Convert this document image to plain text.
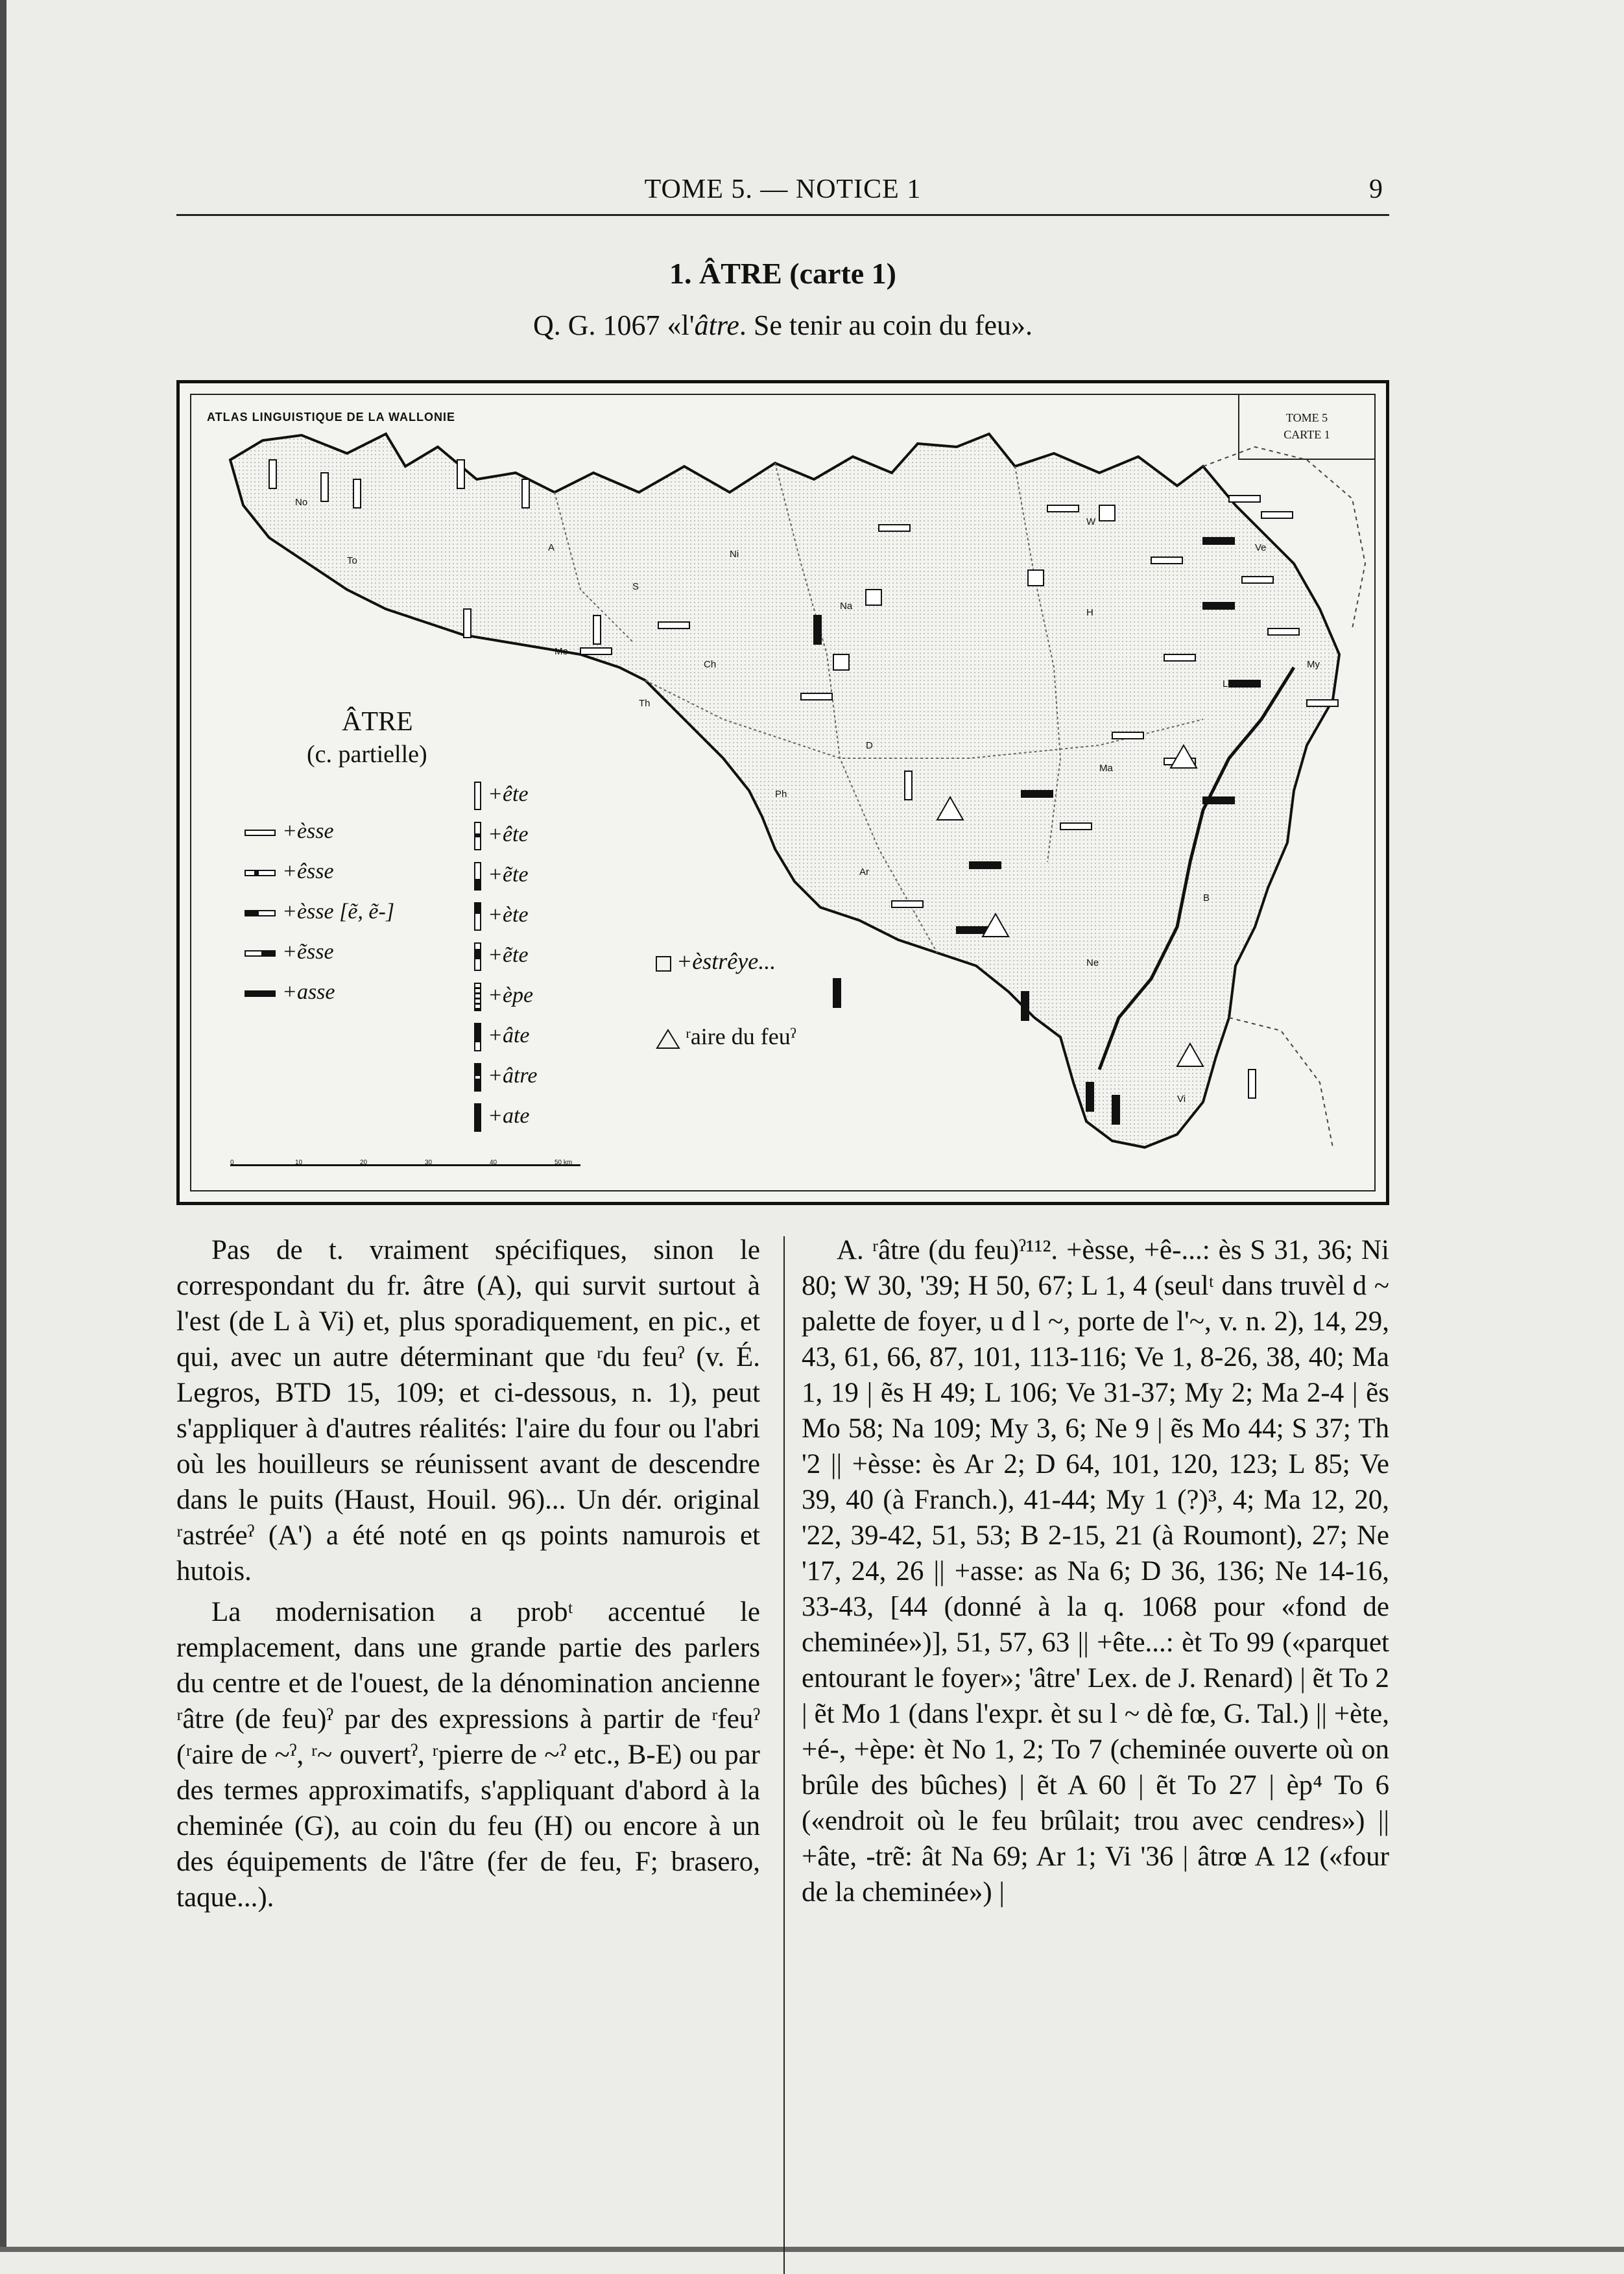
TOME 5. — NOTICE 1	9
1. ÂTRE (carte 1)
Q. G. 1067 «l'âtre. Se tenir au coin du feu».
ATLAS LINGUISTIQUE DE LA WALLONIE	TOME 5
CARTE 1
No
To
A
S
Ni
W
Ve
H
Mo
Na
L
My
Ch
Th
D
Ph
Ma
Ar
B
Ne
Vi
ÂTRE
(c. partielle)
+èsse
+êsse
+èsse [ẽ, ẽ-]
+ẽsse
+asse
+ête
+ête
+ẽte
+ète
+ẽte
+èpe
+âte
+âtre
+ate
+èstrêye...
ʳaire du feuˀ
0	10	20	30	40	50 km

Pas de t. vraiment spécifiques, sinon le correspondant du fr. âtre (A), qui survit surtout à l'est (de L à Vi) et, plus sporadiquement, en pic., et qui, avec un autre déterminant que ʳdu feuˀ (v. É. Legros, BTD 15, 109; et ci-dessous, n. 1), peut s'appliquer à d'autres réalités: l'aire du four ou l'abri où les houilleurs se réunissent avant de descendre dans le puits (Haust, Houil. 96)... Un dér. original ʳastréeˀ (A') a été noté en qs points namurois et hutois.

La modernisation a probᵗ accentué le remplacement, dans une grande partie des parlers du centre et de l'ouest, de la dénomination ancienne ʳâtre (de feu)ˀ par des expressions à partir de ʳfeuˀ (ʳaire de ~ˀ, ʳ~ ouvertˀ, ʳpierre de ~ˀ etc., B-E) ou par des termes approximatifs, s'appliquant d'abord à la cheminée (G), au coin du feu (H) ou encore à un des équipements de l'âtre (fer de feu, F; brasero, taque...).

A. ʳâtre (du feu)ˀ¹¹². +èsse, +ê-...: ès S 31, 36; Ni 80; W 30, '39; H 50, 67; L 1, 4 (seulᵗ dans truvèl d ~ palette de foyer, u d l ~, porte de l'~, v. n. 2), 14, 29, 43, 61, 66, 87, 101, 113-116; Ve 1, 8-26, 38, 40; Ma 1, 19 | ẽs H 49; L 106; Ve 31-37; My 2; Ma 2-4 | ẽs Mo 58; Na 109; My 3, 6; Ne 9 | ẽs Mo 44; S 37; Th '2 || +èsse: ès Ar 2; D 64, 101, 120, 123; L 85; Ve 39, 40 (à Franch.), 41-44; My 1 (?)³, 4; Ma 12, 20, '22, 39-42, 51, 53; B 2-15, 21 (à Roumont), 27; Ne '17, 24, 26 || +asse: as Na 6; D 36, 136; Ne 14-16, 33-43, [44 (donné à la q. 1068 pour «fond de cheminée»)], 51, 57, 63 || +ête...: èt To 99 («parquet entourant le foyer»; 'âtre' Lex. de J. Renard) | ẽt To 2 | ẽt Mo 1 (dans l'expr. èt su l ~ dè fœ, G. Tal.) || +ète, +é-, +èpe: èt No 1, 2; To 7 (cheminée ouverte où on brûle des bûches) | ẽt A 60 | ẽt To 27 | èp⁴ To 6 («endroit où le feu brûlait; trou avec cendres») || +âte, -trẽ: ât Na 69; Ar 1; Vi '36 | âtrœ A 12 («four de la cheminée») |
